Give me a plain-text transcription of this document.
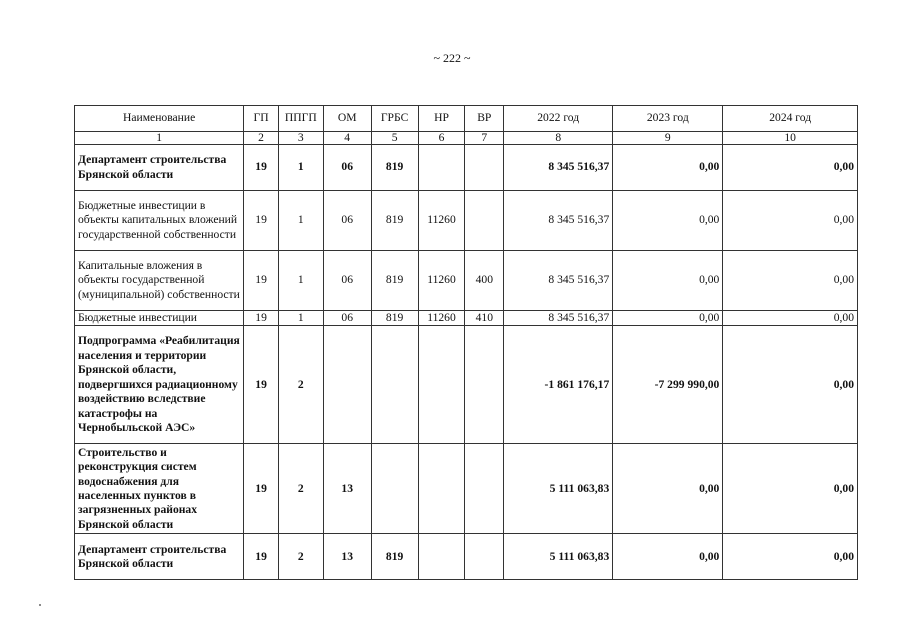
~ 222 ~
Наименование	ГП	ППГП	ОМ	ГРБС	НР	ВР	2022 год	2023 год	2024 год
1	2	3	4	5	6	7	8	9	10
Департамент строительства Брянской области	19	1	06	819			8 345 516,37	0,00	0,00
Бюджетные инвестиции в объекты капитальных вложений государственной собственности	19	1	06	819	11260		8 345 516,37	0,00	0,00
Капитальные вложения в объекты государственной (муниципальной) собственности	19	1	06	819	11260	400	8 345 516,37	0,00	0,00
Бюджетные инвестиции	19	1	06	819	11260	410	8 345 516,37	0,00	0,00
Подпрограмма «Реабилитация населения и территории Брянской области, подвергшихся радиационному воздействию вследствие катастрофы на Чернобыльской АЭС»	19	2					-1 861 176,17	-7 299 990,00	0,00
Строительство и реконструкция систем водоснабжения для населенных пунктов в загрязненных районах Брянской области	19	2	13				5 111 063,83	0,00	0,00
Департамент строительства Брянской области	19	2	13	819			5 111 063,83	0,00	0,00
